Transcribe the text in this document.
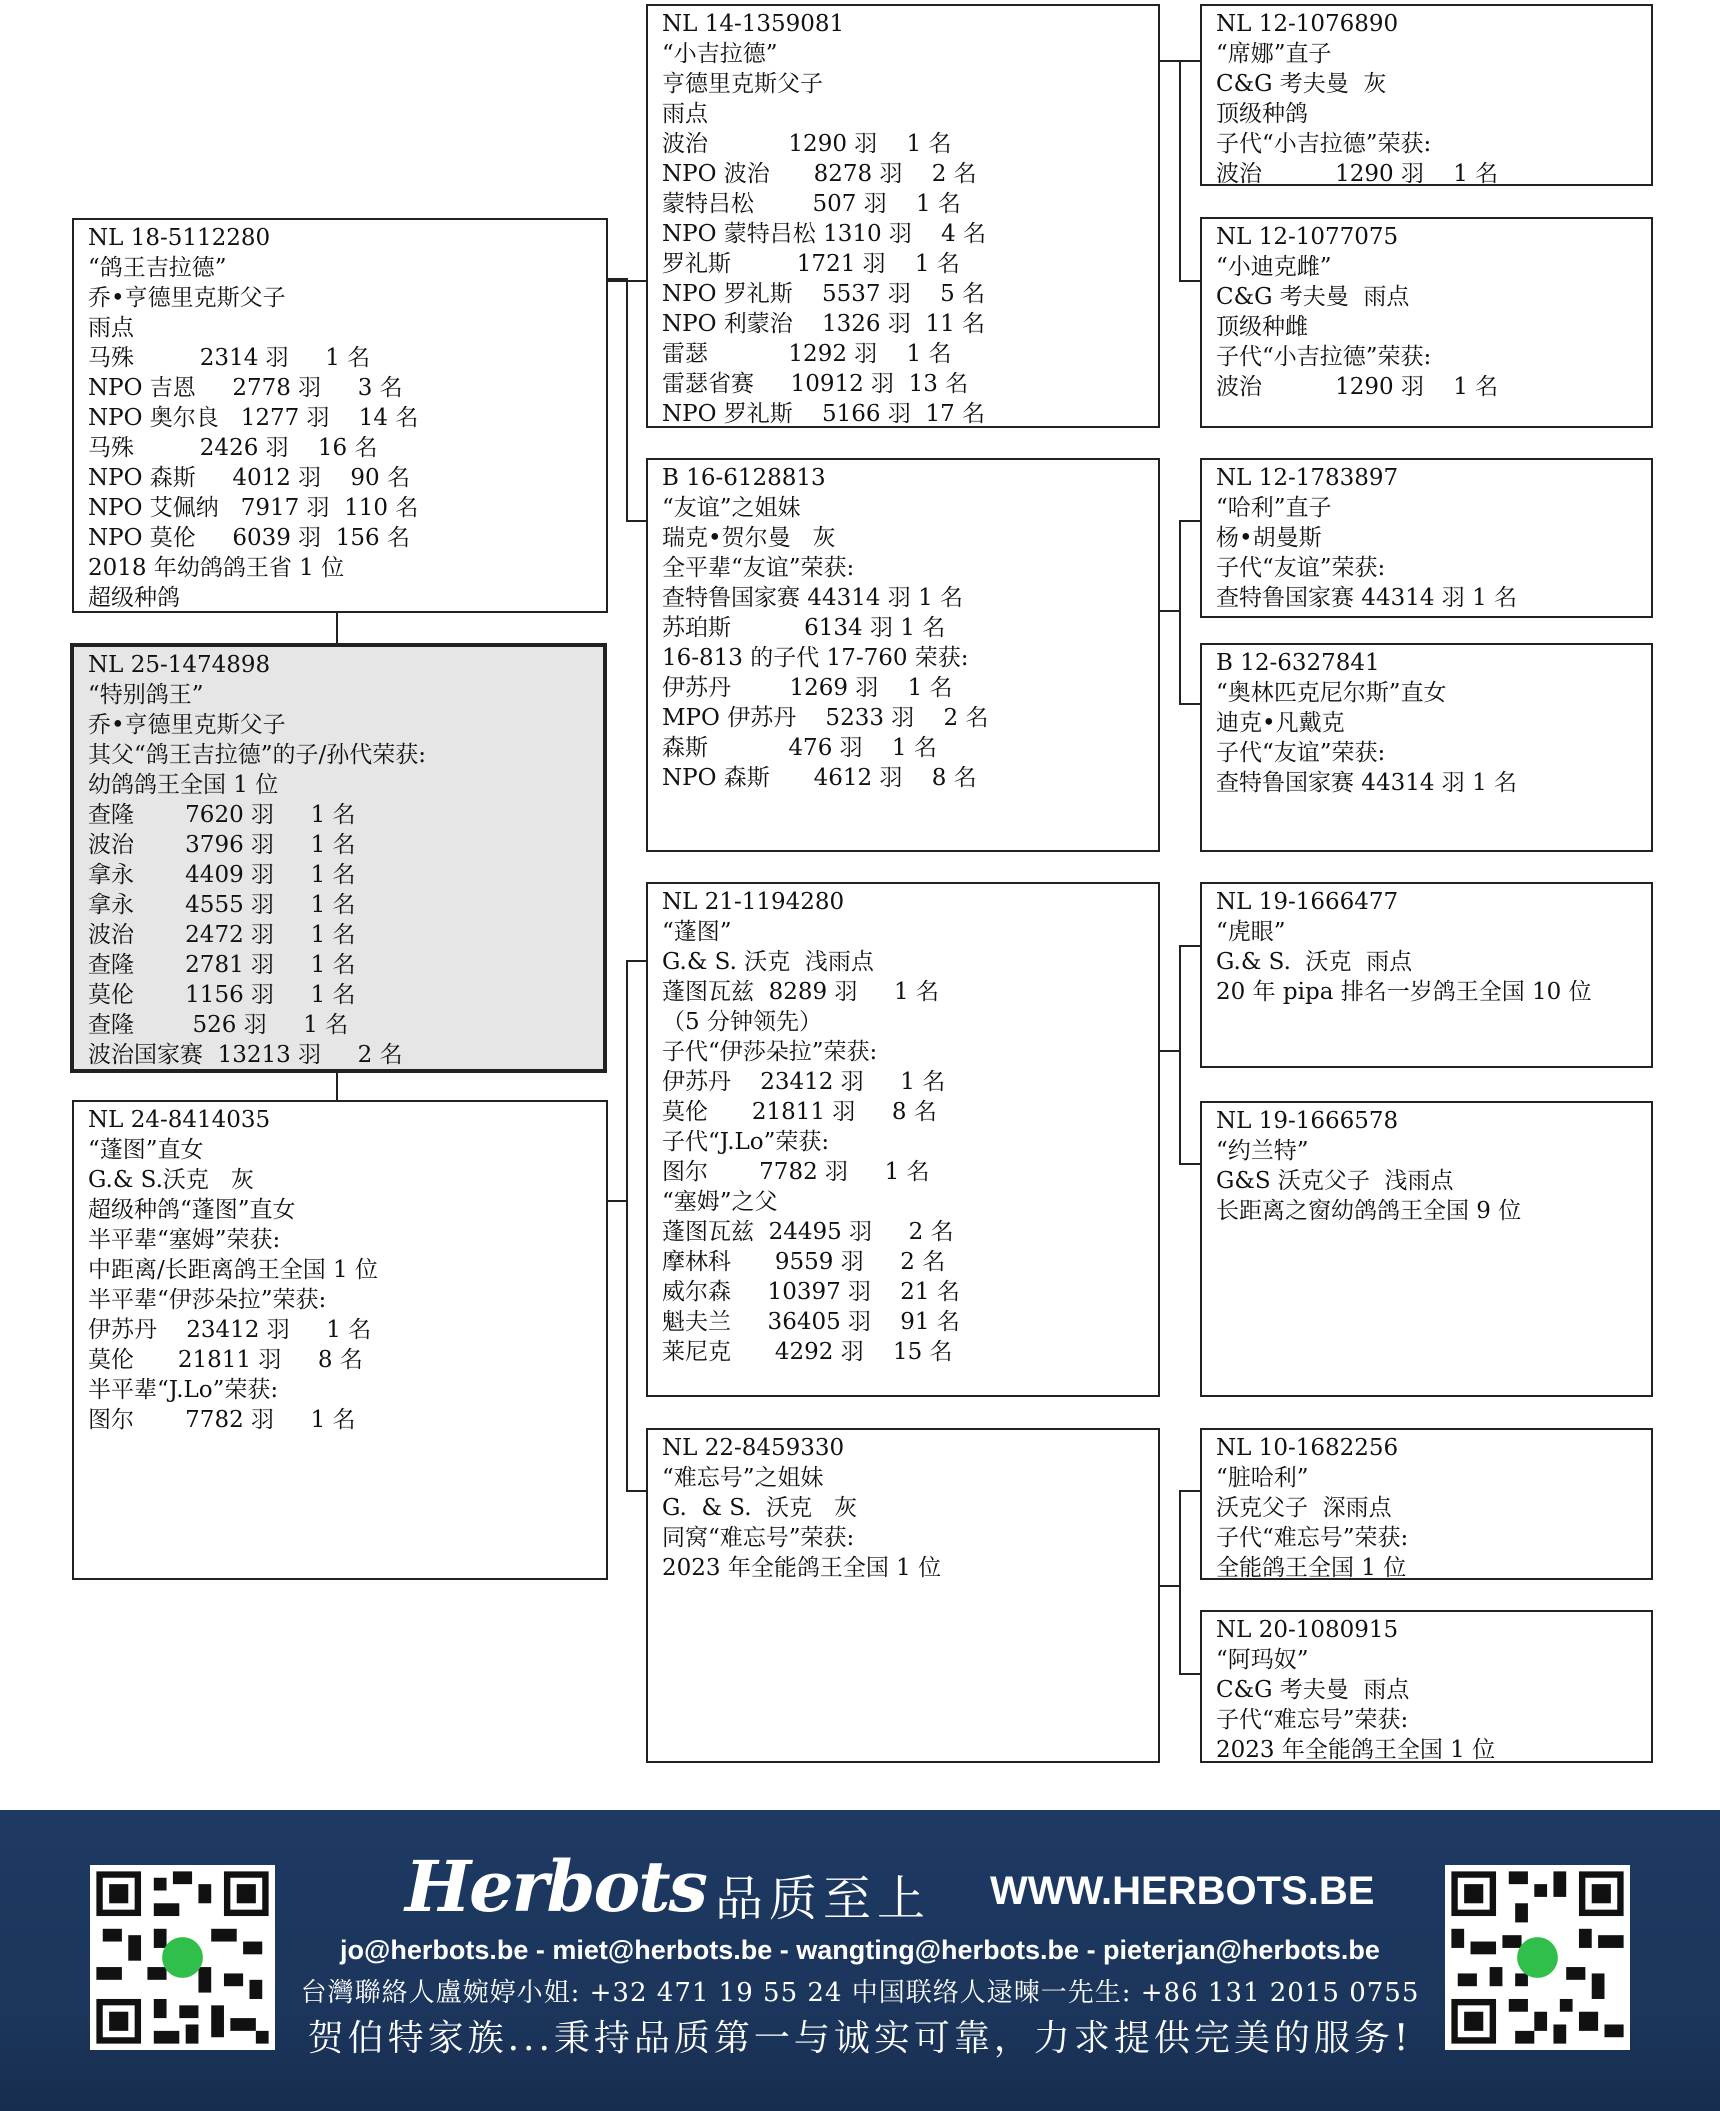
NL 18-5112280
“鸽王吉拉德”
乔•亨德里克斯父子
雨点
马殊         2314 羽     1 名
NPO 吉恩     2778 羽     3 名
NPO 奥尔良   1277 羽    14 名
马殊         2426 羽    16 名
NPO 森斯     4012 羽    90 名
NPO 艾佩纳   7917 羽  110 名
NPO 莫伦     6039 羽  156 名
2018 年幼鸽鸽王省 1 位
超级种鸽
NL 25-1474898
“特别鸽王”
乔•亨德里克斯父子
其父“鸽王吉拉德”的子/孙代荣获:
幼鸽鸽王全国 1 位
查隆       7620 羽     1 名
波治       3796 羽     1 名
拿永       4409 羽     1 名
拿永       4555 羽     1 名
波治       2472 羽     1 名
查隆       2781 羽     1 名
莫伦       1156 羽     1 名
查隆        526 羽     1 名
波治国家赛  13213 羽     2 名
NL 24-8414035
“蓬图”直女
G.& S.沃克   灰
超级种鸽“蓬图”直女
半平辈“塞姆”荣获:
中距离/长距离鸽王全国 1 位
半平辈“伊莎朵拉”荣获:
伊苏丹    23412 羽     1 名
莫伦      21811 羽     8 名
半平辈“J.Lo”荣获:
图尔       7782 羽     1 名
NL 14-1359081
“小吉拉德”
亨德里克斯父子
雨点
波治           1290 羽    1 名
NPO 波治      8278 羽    2 名
蒙特吕松        507 羽    1 名
NPO 蒙特吕松 1310 羽    4 名
罗礼斯         1721 羽    1 名
NPO 罗礼斯    5537 羽    5 名
NPO 利蒙治    1326 羽  11 名
雷瑟           1292 羽    1 名
雷瑟省赛     10912 羽  13 名
NPO 罗礼斯    5166 羽  17 名
B 16-6128813
“友谊”之姐妹
瑞克•贺尔曼   灰
全平辈“友谊”荣获:
查特鲁国家赛 44314 羽 1 名
苏珀斯          6134 羽 1 名
16-813 的子代 17-760 荣获:
伊苏丹        1269 羽    1 名
MPO 伊苏丹    5233 羽    2 名
森斯           476 羽    1 名
NPO 森斯      4612 羽    8 名
NL 21-1194280
“蓬图”
G.& S. 沃克  浅雨点
蓬图瓦兹  8289 羽     1 名
（5 分钟领先）
子代“伊莎朵拉”荣获:
伊苏丹    23412 羽     1 名
莫伦      21811 羽     8 名
子代“J.Lo”荣获:
图尔       7782 羽     1 名
“塞姆”之父
蓬图瓦兹  24495 羽     2 名
摩林科      9559 羽     2 名
威尔森     10397 羽    21 名
魁夫兰     36405 羽    91 名
莱尼克      4292 羽    15 名
NL 22-8459330
“难忘号”之姐妹
G.  & S.  沃克   灰
同窝“难忘号”荣获:
2023 年全能鸽王全国 1 位
NL 12-1076890
“席娜”直子
C&G 考夫曼  灰
顶级种鸽
子代“小吉拉德”荣获:
波治          1290 羽    1 名
NL 12-1077075
“小迪克雌”
C&G 考夫曼  雨点
顶级种雌
子代“小吉拉德”荣获:
波治          1290 羽    1 名
NL 12-1783897
“哈利”直子
杨•胡曼斯
子代“友谊”荣获:
查特鲁国家赛 44314 羽 1 名
B 12-6327841
“奥林匹克尼尔斯”直女
迪克•凡戴克
子代“友谊”荣获:
查特鲁国家赛 44314 羽 1 名
NL 19-1666477
“虎眼”
G.& S.  沃克  雨点
20 年 pipa 排名一岁鸽王全国 10 位
NL 19-1666578
“约兰特”
G&S 沃克父子  浅雨点
长距离之窗幼鸽鸽王全国 9 位
NL 10-1682256
“脏哈利”
沃克父子  深雨点
子代“难忘号”荣获:
全能鸽王全国 1 位
NL 20-1080915
“阿玛奴”
C&G 考夫曼  雨点
子代“难忘号”荣获:
2023 年全能鸽王全国 1 位
Herbots 品质至上 WWW.HERBOTS.BE
jo@herbots.be - miet@herbots.be - wangting@herbots.be - pieterjan@herbots.be
台灣聯絡人盧婉婷小姐: +32 471 19 55 24 中国联络人逯暕一先生: +86 131 2015 0755
贺伯特家族...秉持品质第一与诚实可靠，力求提供完美的服务!
